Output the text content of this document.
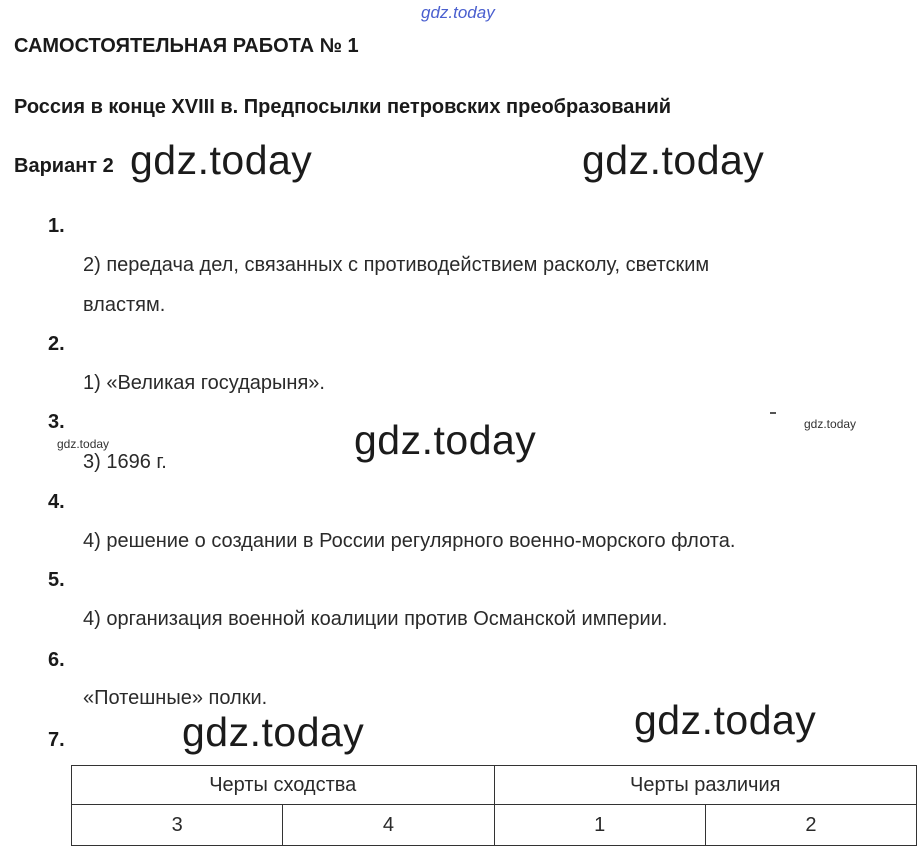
gdz.today
gdz.today	gdz.today
gdz.today
gdz.today	gdz.today
gdz.today
gdz.today
САМОСТОЯТЕЛЬНАЯ РАБОТА № 1
Россия в конце XVIII в. Предпосылки петровских преобразований
Вариант 2
1.
2) передача дел, связанных с противодействием расколу, светским
властям.
2.
1) «Великая государыня».
3.
3) 1696 г.
4.
4) решение о создании в России регулярного военно-морского флота.
5.
4) организация военной коалиции против Османской империи.
6.
«Потешные» полки.
7.
Черты сходства		Черты различия	
3	4	1	2
